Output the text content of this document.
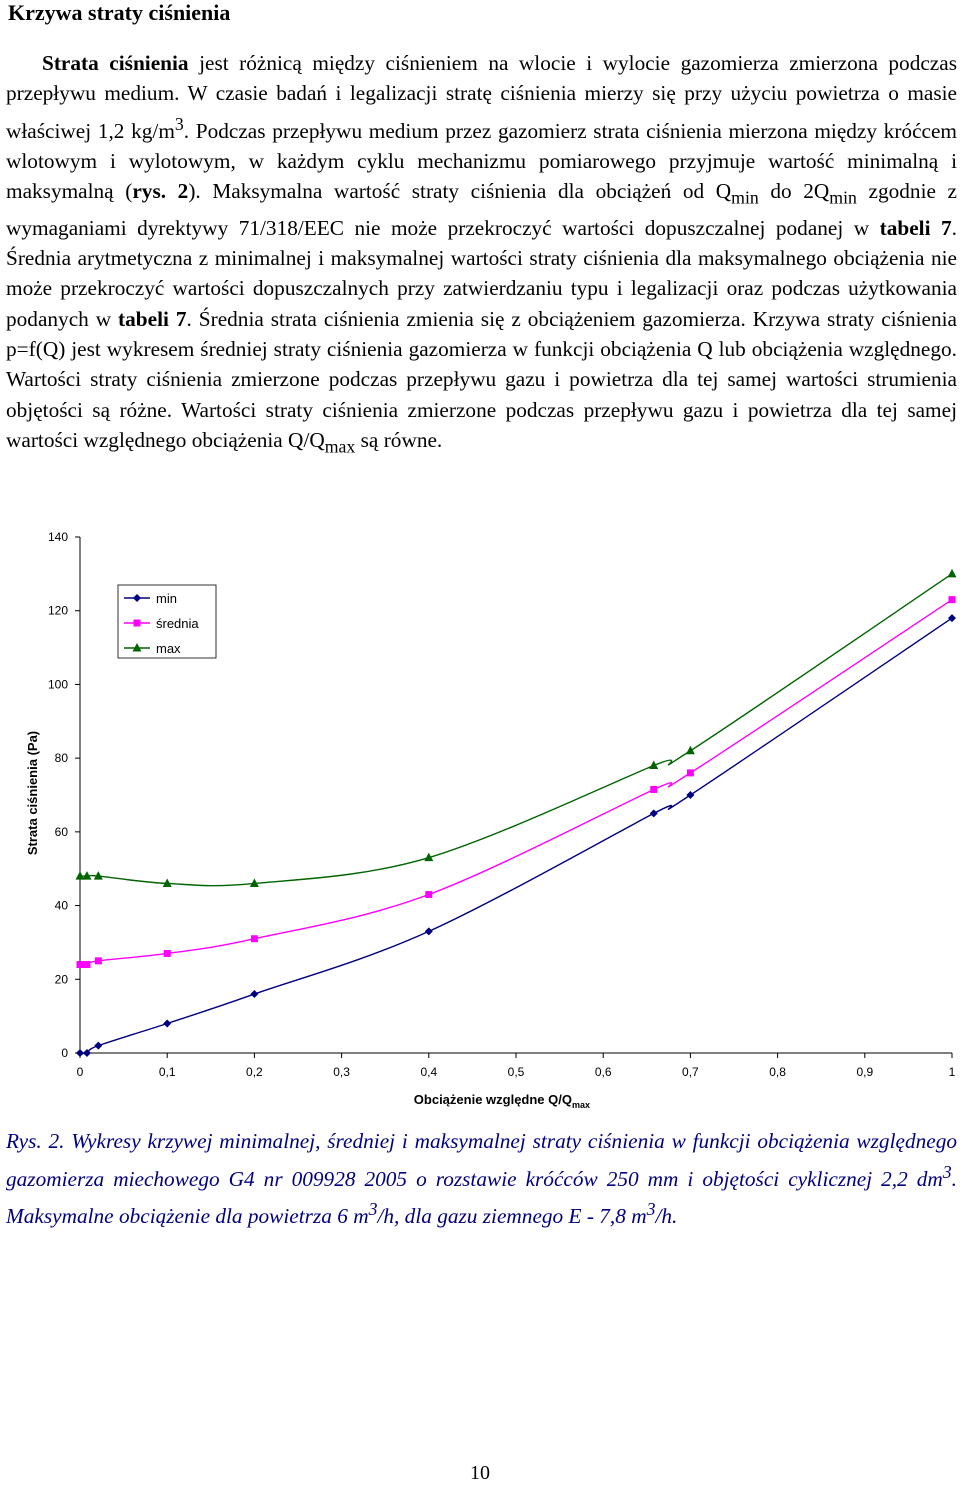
Krzywa straty ciśnienia

Strata ciśnienia jest różnicą między ciśnieniem na wlocie i wylocie gazomierza zmierzona podczas przepływu medium. W czasie badań i legalizacji stratę ciśnienia mierzy się przy użyciu powietrza o masie właściwej 1,2 $kg/m^3$. Podczas przepływu medium przez gazomierz strata ciśnienia mierzona między króćcem wlotowym i wylotowym, w każdym cyklu mechanizmu pomiarowego przyjmuje wartość minimalną i maksymalną (rys. 2). Maksymalna wartość straty ciśnienia dla obciążeń od $Q_{min}$ do $2Q_{min}$ zgodnie z wymaganiami dyrektywy 71/318/EEC nie może przekroczyć wartości dopuszczalnej podanej w tabeli 7. Średnia arytmetyczna z minimalnej i maksymalnej wartości straty ciśnienia dla maksymalnego obciążenia nie może przekroczyć wartości dopuszczalnych przy zatwierdzaniu typu i legalizacji oraz podczas użytkowania podanych w tabeli 7. Średnia strata ciśnienia zmienia się z obciążeniem gazomierza. Krzywa straty ciśnienia p=f(Q) jest wykresem średniej straty ciśnienia gazomierza w funkcji obciążenia Q lub obciążenia względnego. Wartości straty ciśnienia zmierzone podczas przepływu gazu i powietrza dla tej samej wartości strumienia objętości są różne. Wartości straty ciśnienia zmierzone podczas przepływu gazu i powietrza dla tej samej wartości względnego obciążenia $Q/Q_{max}$ są równe.

0
20
40
60
80
100
120
140
0	0,1	0,2	0,3	0,4	0,5	0,6	0,7	0,8	0,9	1
min
średnia
max
Strata ciśnienia (Pa)
Obciążenie względne $Q/Q_{max}$
Rys. 2. Wykresy krzywej minimalnej, średniej i maksymalnej straty ciśnienia w funkcji obciążenia względnego gazomierza miechowego G4 nr 009928 2005 o rozstawie króćców 250 mm i objętości cyklicznej 2,2 $dm^3$. Maksymalne obciążenie dla powietrza 6 $m^3/h$, dla gazu ziemnego E - 7,8 $m^3/h$.
10
